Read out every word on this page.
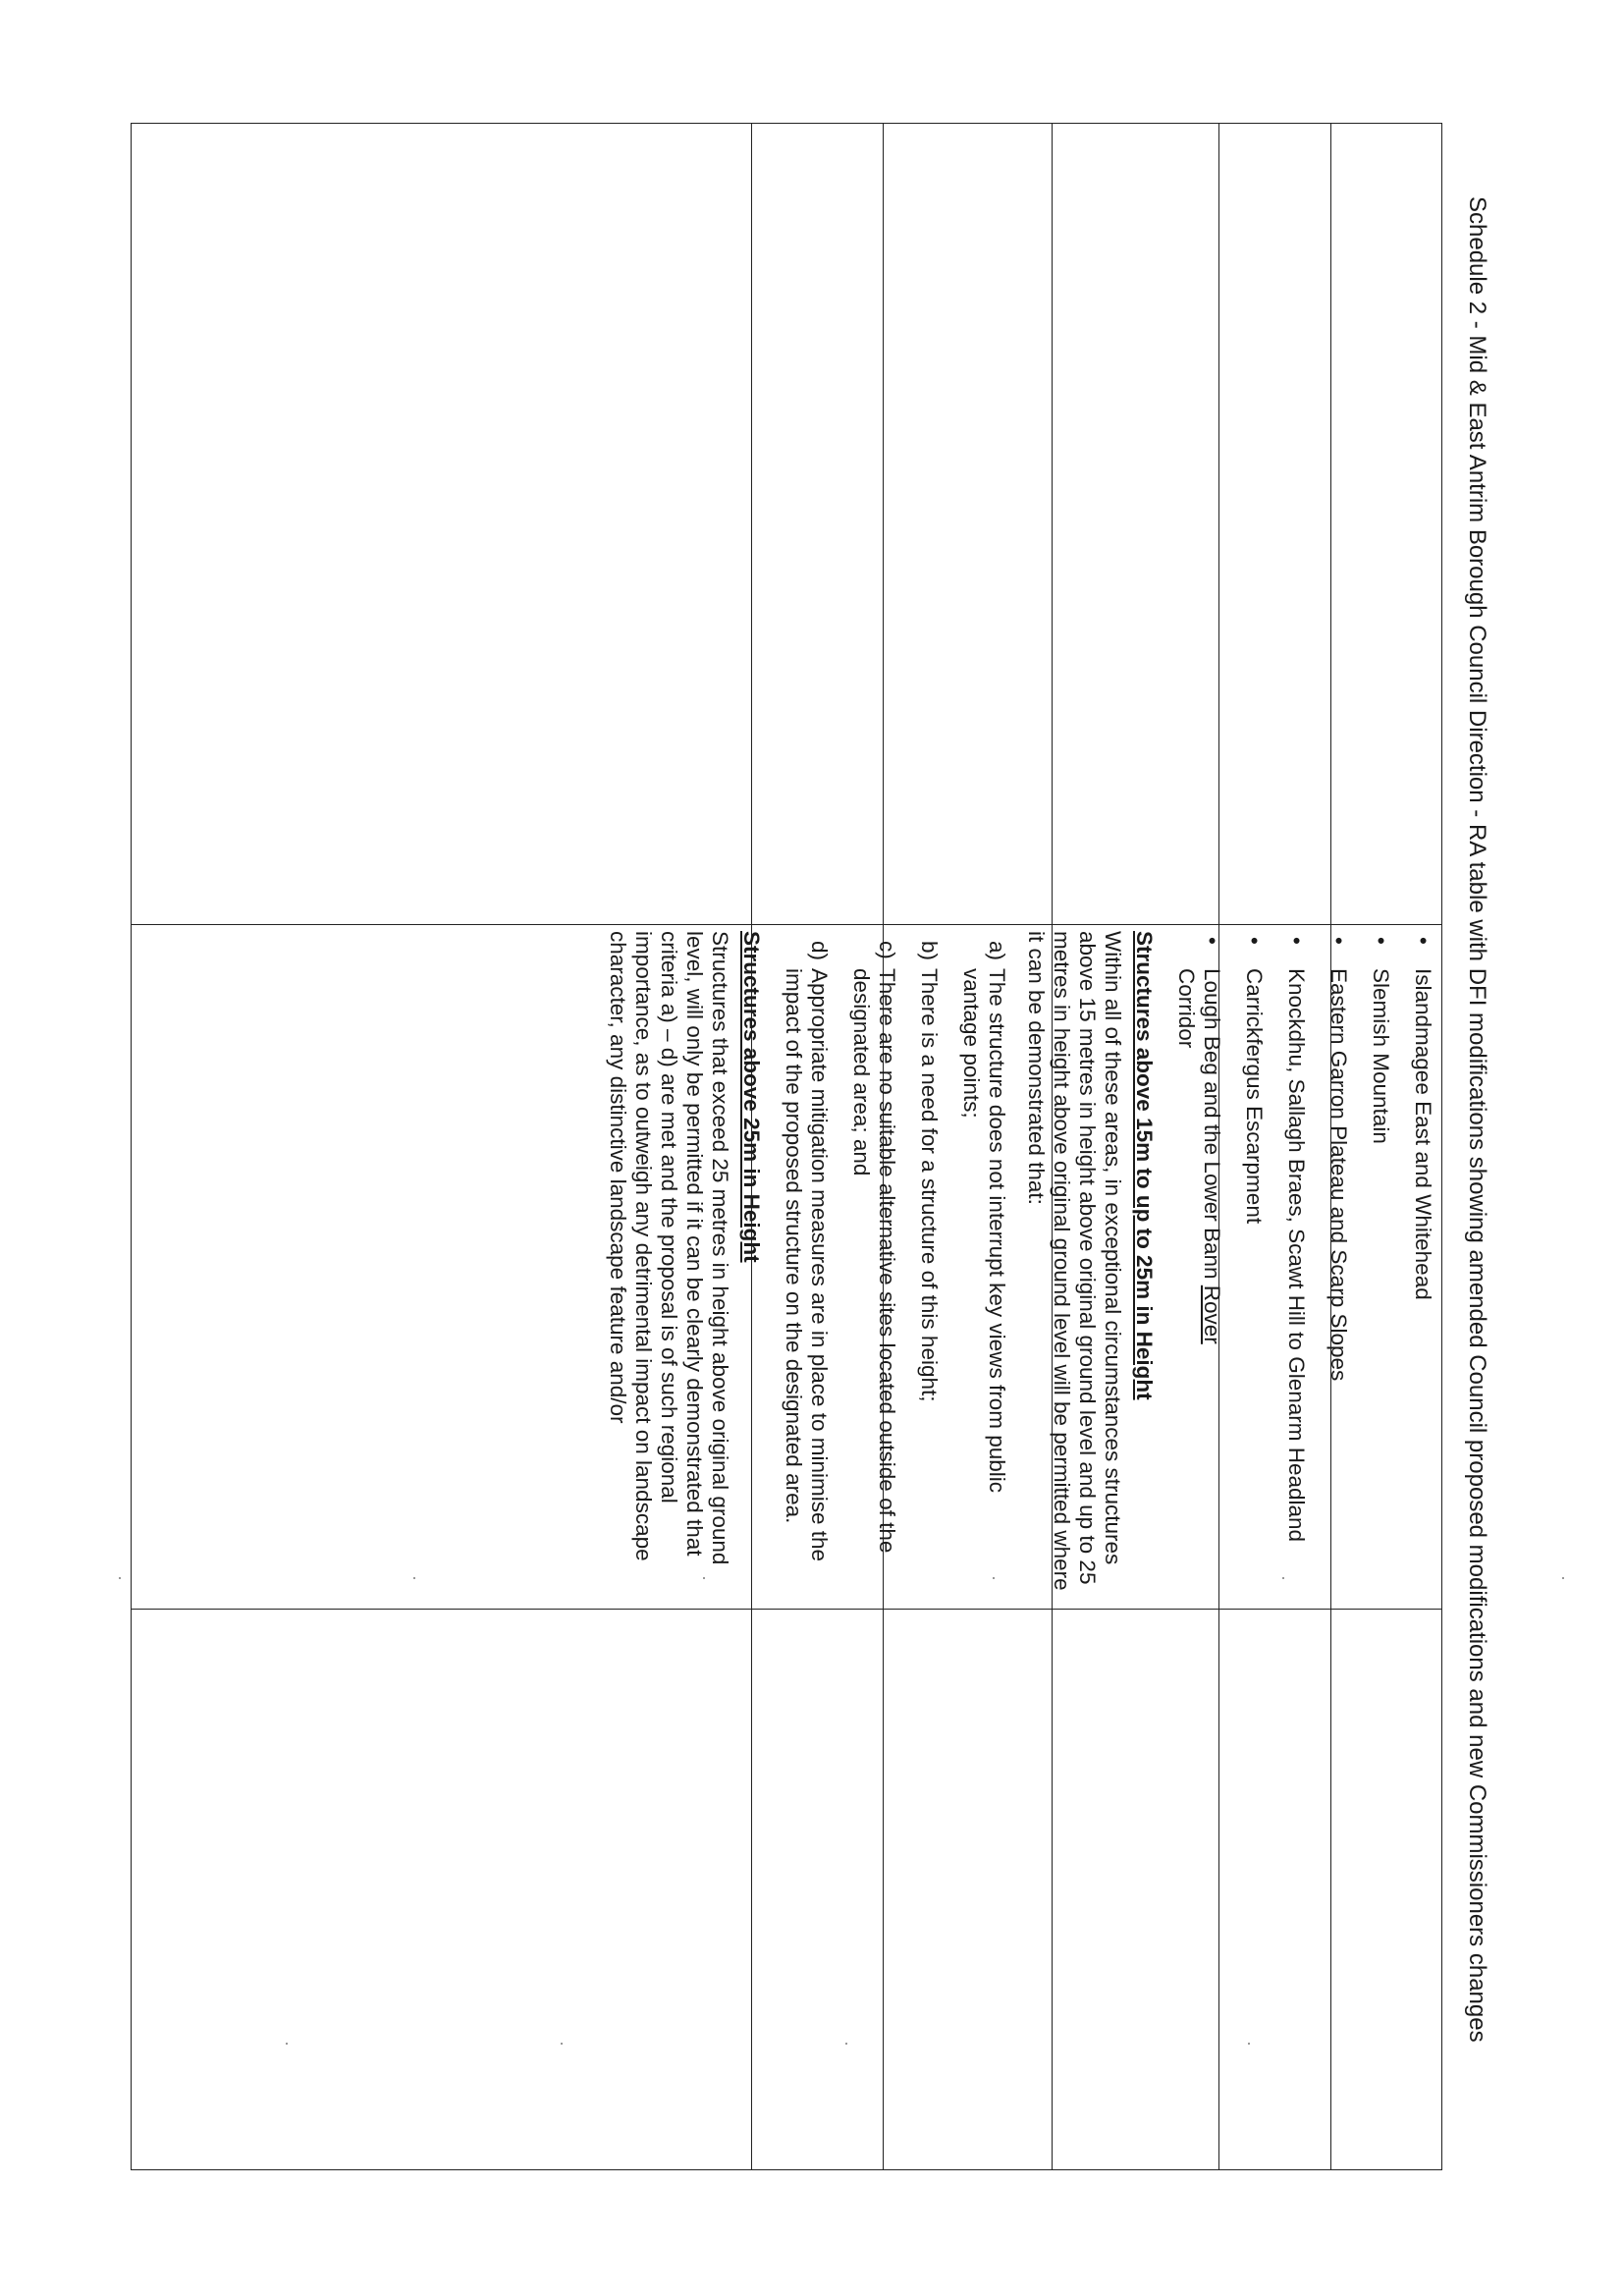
Schedule 2 - Mid & East Antrim Borough Council Direction - RA table with DFI modifications showing amended Council proposed modifications and new Commissioners changes
•
Islandmagee East and Whitehead
•
Slemish Mountain
•
Eastern Garron Plateau and Scarp Slopes
•
Knockdhu, Sallagh Braes, Scawt Hill to Glenarm Headland
•
Carrickfergus Escarpment
•
Lough Beg and the Lower Bann Rover Corridor
Structures above 15m to up to 25m in Height
Within all of these areas, in exceptional circumstances structures above 15 metres in height above original ground level and up to 25 metres in height above original ground level will be permitted where it can be demonstrated that:
a)
The structure does not interrupt key views from public vantage points;
b)
There is a need for a structure of this height;
c)
There are no suitable alternative sites located outside of the designated area; and
d)
Appropriate mitigation measures are in place to minimise the impact of the proposed structure on the designated area.
Structures above 25m in Height
Structures that exceed 25 metres in height above original ground level, will only be permitted if it can be clearly demonstrated that criteria a) – d) are met and the proposal is of such regional importance, as to outweigh any detrimental impact on landscape character, any distinctive landscape feature and/or
